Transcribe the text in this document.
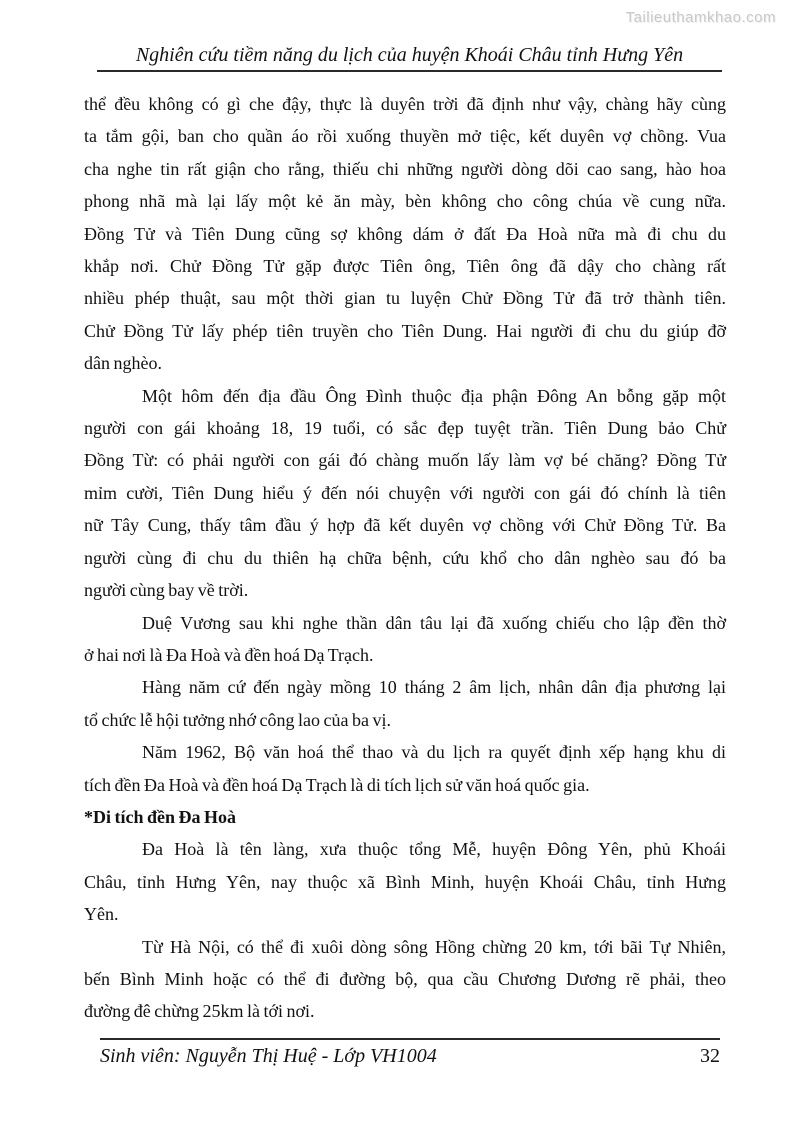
Tailieuthamkhao.com
Nghiên cứu tiềm năng du lịch của huyện Khoái Châu tỉnh Hưng Yên
thể đều không có gì che đậy, thực là duyên trời đã định như vậy, chàng hãy cùng
ta tắm gội, ban cho quần áo rồi xuống thuyền mở tiệc, kết duyên vợ chồng. Vua
cha nghe tin rất giận cho rằng, thiếu chi những người dòng dõi cao sang, hào hoa
phong nhã mà lại lấy một kẻ ăn mày, bèn không cho công chúa về cung nữa.
Đồng Tử và Tiên Dung cũng sợ không dám ở đất Đa Hoà nữa mà đi chu du
khắp nơi. Chử Đồng Tử gặp được Tiên ông, Tiên ông đã dậy cho chàng rất
nhiều phép thuật, sau một thời gian tu luyện Chử Đồng Tử đã trở thành tiên.
Chử Đồng Tử lấy phép tiên truyền cho Tiên Dung. Hai người đi chu du giúp đỡ
dân nghèo.
Một hôm đến địa đầu Ông Đình thuộc địa phận Đông An bỗng gặp một
người con gái khoảng 18, 19 tuổi, có sắc đẹp tuyệt trần. Tiên Dung bảo Chử
Đồng Từ: có phải người con gái đó chàng muốn lấy làm vợ bé chăng? Đồng Tử
mỉm cười, Tiên Dung hiểu ý đến nói chuyện với người con gái đó chính là tiên
nữ Tây Cung, thấy tâm đầu ý hợp đã kết duyên vợ chồng với Chử Đồng Tử. Ba
người cùng đi chu du thiên hạ chữa bệnh, cứu khổ cho dân nghèo sau đó ba
người cùng bay về trời.
Duệ Vương sau khi nghe thần dân tâu lại đã xuống chiếu cho lập đền thờ
ở hai nơi là Đa Hoà và đền hoá Dạ Trạch.
Hàng năm cứ đến ngày mồng 10 tháng 2 âm lịch, nhân dân địa phương lại
tổ chức lễ hội tưởng nhớ công lao của ba vị.
Năm 1962, Bộ văn hoá thể thao và du lịch ra quyết định xếp hạng khu di
tích đền Đa Hoà và đền hoá Dạ Trạch là di tích lịch sử văn hoá quốc gia.
*Di tích đền Đa Hoà
Đa Hoà là tên làng, xưa thuộc tổng Mễ, huyện Đông Yên, phủ Khoái
Châu, tỉnh Hưng Yên, nay thuộc xã Bình Minh, huyện Khoái Châu, tỉnh Hưng
Yên.
Từ Hà Nội, có thể đi xuôi dòng sông Hồng chừng 20 km, tới bãi Tự Nhiên,
bến Bình Minh hoặc có thể đi đường bộ, qua cầu Chương Dương rẽ phải, theo
đường đê chừng 25km là tới nơi.
Sinh viên: Nguyễn Thị Huệ - Lớp VH1004	32
